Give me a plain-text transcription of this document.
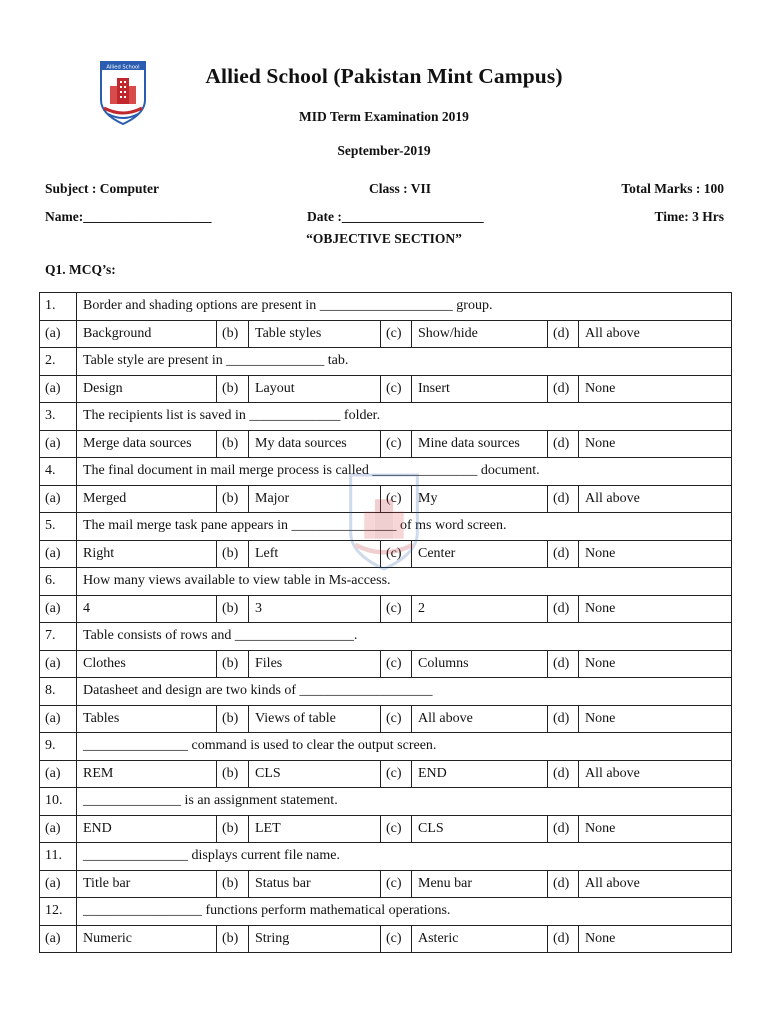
Allied School	Allied School (Pakistan Mint Campus)
MID Term Examination 2019
September-2019
Subject : Computer	Class : VII	Total Marks : 100
Name:___________________	Date :_____________________	Time: 3 Hrs
“OBJECTIVE SECTION”
Q1. MCQ’s:
1.	Border and shading options are present in ___________________ group.						
(a)	Background	(b)	Table styles	(c)	Show/hide	(d)	All above
2.	Table style are present in ______________ tab.						
(a)	Design	(b)	Layout	(c)	Insert	(d)	None
3.	The recipients list is saved in _____________ folder.						
(a)	Merge data sources	(b)	My data sources	(c)	Mine data sources	(d)	None
4.	The final document in mail merge process is called _______________ document.						
(a)	Merged	(b)	Major	(c)	My	(d)	All above
5.	The mail merge task pane appears in _______________ of ms word screen.						
(a)	Right	(b)	Left	(c)	Center	(d)	None
6.	How many views available to view table in Ms-access.						
(a)	4	(b)	3	(c)	2	(d)	None
7.	Table consists of rows and _________________.						
(a)	Clothes	(b)	Files	(c)	Columns	(d)	None
8.	Datasheet and design are two kinds of ___________________						
(a)	Tables	(b)	Views of table	(c)	All above	(d)	None
9.	_______________ command is used to clear the output screen.						
(a)	REM	(b)	CLS	(c)	END	(d)	All above
10.	______________ is an assignment statement.						
(a)	END	(b)	LET	(c)	CLS	(d)	None
11.	_______________ displays current file name.						
(a)	Title bar	(b)	Status bar	(c)	Menu bar	(d)	All above
12.	_________________ functions perform mathematical operations.						
(a)	Numeric	(b)	String	(c)	Asteric	(d)	None
